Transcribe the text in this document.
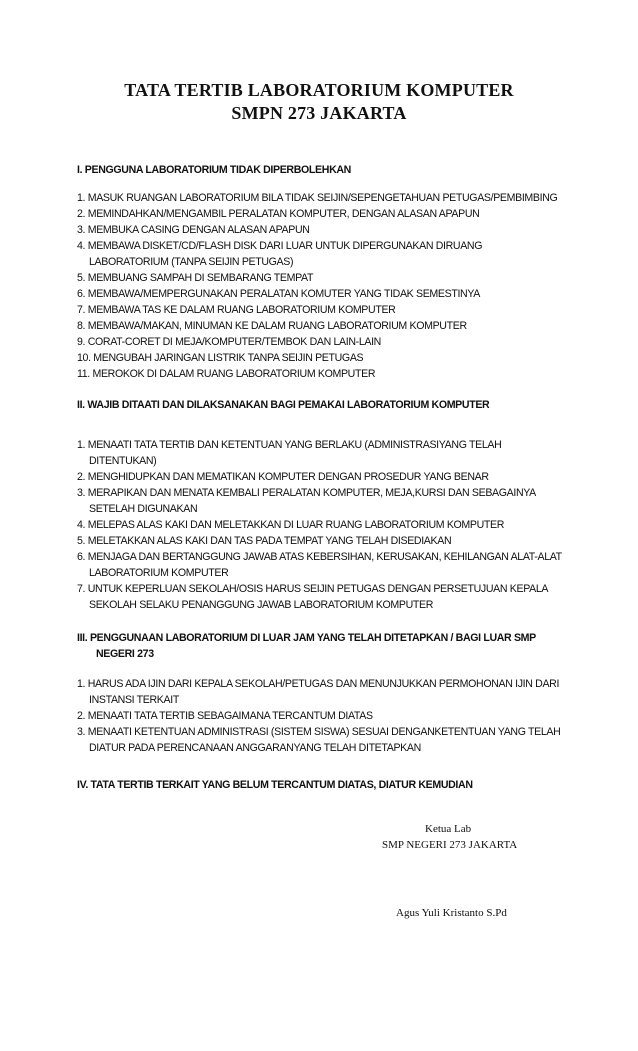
TATA TERTIB LABORATORIUM KOMPUTER
SMPN 273 JAKARTA
I. PENGGUNA LABORATORIUM TIDAK DIPERBOLEHKAN
1. MASUK RUANGAN LABORATORIUM BILA TIDAK SEIJIN/SEPENGETAHUAN PETUGAS/PEMBIMBING
2. MEMINDAHKAN/MENGAMBIL PERALATAN KOMPUTER, DENGAN ALASAN APAPUN
3. MEMBUKA CASING DENGAN ALASAN APAPUN
4. MEMBAWA DISKET/CD/FLASH DISK DARI LUAR UNTUK DIPERGUNAKAN DIRUANG
LABORATORIUM (TANPA SEIJIN PETUGAS)
5. MEMBUANG SAMPAH DI SEMBARANG TEMPAT
6. MEMBAWA/MEMPERGUNAKAN PERALATAN KOMUTER YANG TIDAK SEMESTINYA
7. MEMBAWA TAS KE DALAM RUANG LABORATORIUM KOMPUTER
8. MEMBAWA/MAKAN, MINUMAN KE DALAM RUANG LABORATORIUM KOMPUTER
9. CORAT-CORET DI MEJA/KOMPUTER/TEMBOK DAN LAIN-LAIN
10. MENGUBAH JARINGAN LISTRIK TANPA SEIJIN PETUGAS
11. MEROKOK DI DALAM RUANG LABORATORIUM KOMPUTER
II. WAJIB DITAATI DAN DILAKSANAKAN BAGI PEMAKAI LABORATORIUM KOMPUTER
1. MENAATI TATA TERTIB DAN KETENTUAN YANG BERLAKU (ADMINISTRASIYANG TELAH
DITENTUKAN)
2. MENGHIDUPKAN DAN MEMATIKAN KOMPUTER DENGAN PROSEDUR YANG BENAR
3. MERAPIKAN DAN MENATA KEMBALI PERALATAN KOMPUTER, MEJA,KURSI DAN SEBAGAINYA
SETELAH DIGUNAKAN
4. MELEPAS ALAS KAKI DAN MELETAKKAN DI LUAR RUANG LABORATORIUM KOMPUTER
5. MELETAKKAN ALAS KAKI DAN TAS PADA TEMPAT YANG TELAH DISEDIAKAN
6. MENJAGA DAN BERTANGGUNG JAWAB ATAS KEBERSIHAN, KERUSAKAN, KEHILANGAN ALAT-ALAT
LABORATORIUM KOMPUTER
7. UNTUK KEPERLUAN SEKOLAH/OSIS HARUS SEIJIN PETUGAS DENGAN PERSETUJUAN KEPALA
SEKOLAH SELAKU PENANGGUNG JAWAB LABORATORIUM KOMPUTER
III. PENGGUNAAN LABORATORIUM DI LUAR JAM YANG TELAH DITETAPKAN / BAGI LUAR SMP
NEGERI 273
1. HARUS ADA IJIN DARI KEPALA SEKOLAH/PETUGAS DAN MENUNJUKKAN PERMOHONAN IJIN DARI
INSTANSI TERKAIT
2. MENAATI TATA TERTIB SEBAGAIMANA TERCANTUM DIATAS
3. MENAATI KETENTUAN ADMINISTRASI (SISTEM SISWA) SESUAI DENGANKETENTUAN YANG TELAH
DIATUR PADA PERENCANAAN ANGGARANYANG TELAH DITETAPKAN
IV. TATA TERTIB TERKAIT YANG BELUM TERCANTUM DIATAS, DIATUR KEMUDIAN
Ketua Lab
SMP NEGERI 273 JAKARTA
Agus Yuli Kristanto S.Pd
